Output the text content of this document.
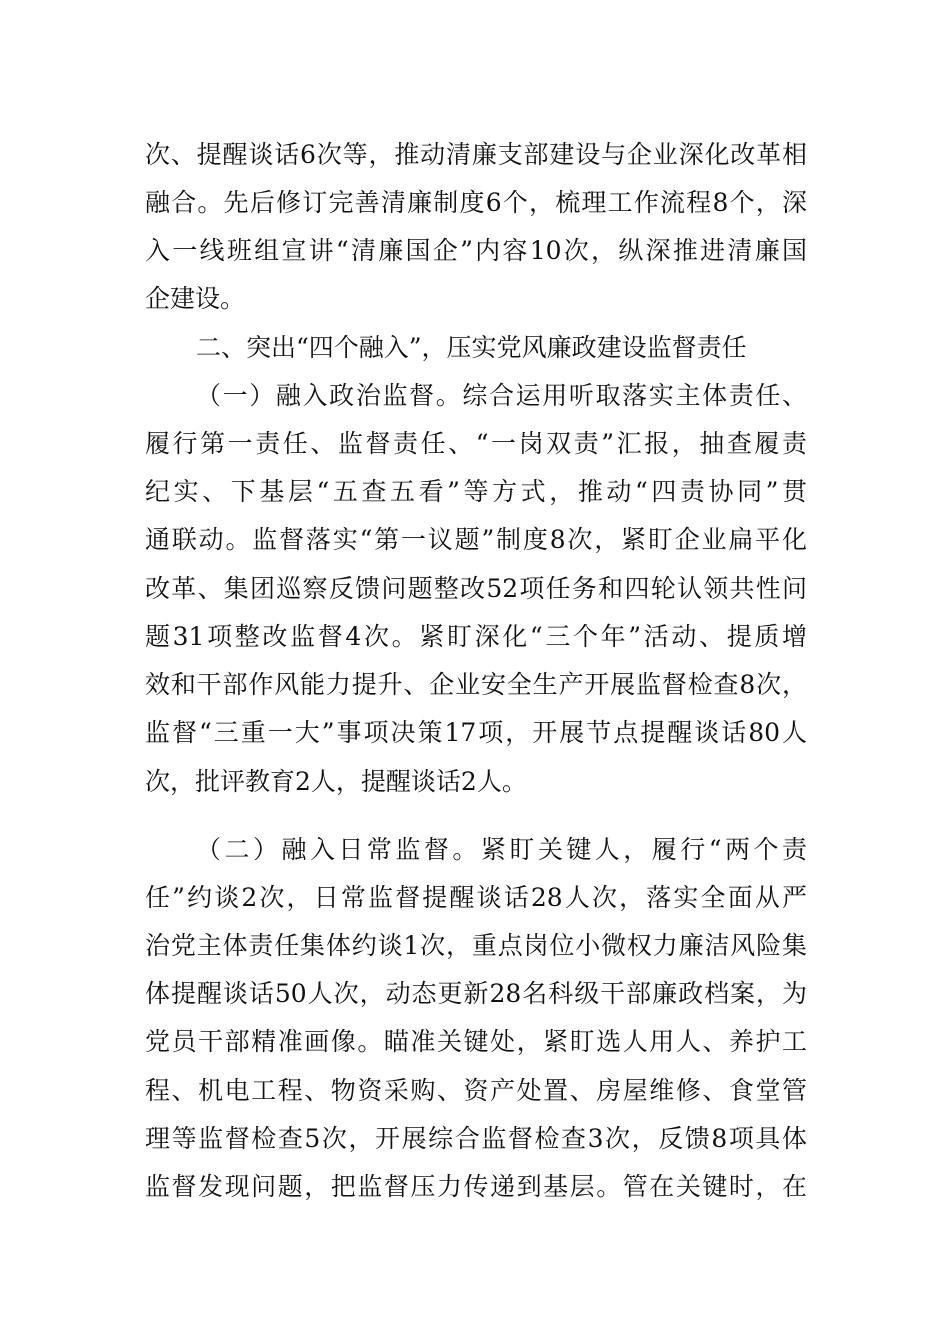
次、提醒谈话6次等，推动清廉支部建设与企业深化改革相
融合。先后修订完善清廉制度6个，梳理工作流程8个，深
入一线班组宣讲“清廉国企”内容10次，纵深推进清廉国
企建设。
二、突出“四个融入”，压实党风廉政建设监督责任
（一）融入政治监督。综合运用听取落实主体责任、
履行第一责任、监督责任、“一岗双责”汇报，抽查履责
纪实、下基层“五查五看”等方式，推动“四责协同”贯
通联动。监督落实“第一议题”制度8次，紧盯企业扁平化
改革、集团巡察反馈问题整改52项任务和四轮认领共性问
题31项整改监督4次。紧盯深化“三个年”活动、提质增
效和干部作风能力提升、企业安全生产开展监督检查8次，
监督“三重一大”事项决策17项，开展节点提醒谈话80人
次，批评教育2人，提醒谈话2人。
（二）融入日常监督。紧盯关键人，履行“两个责
任”约谈2次，日常监督提醒谈话28人次，落实全面从严
治党主体责任集体约谈1次，重点岗位小微权力廉洁风险集
体提醒谈话50人次，动态更新28名科级干部廉政档案，为
党员干部精准画像。瞄准关键处，紧盯选人用人、养护工
程、机电工程、物资采购、资产处置、房屋维修、食堂管
理等监督检查5次，开展综合监督检查3次，反馈8项具体
监督发现问题，把监督压力传递到基层。管在关键时，在
